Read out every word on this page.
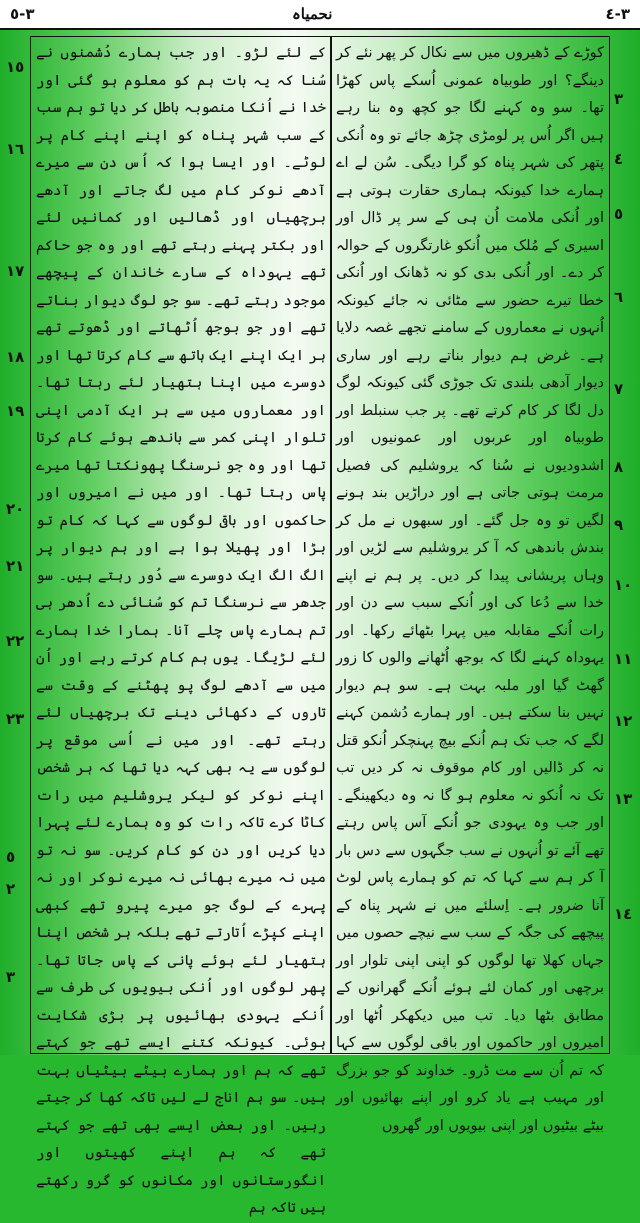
٣-٥	نحمیاہ	٣-٤

کے لئے لڑو۔ اور جب ہمارے دُشمنوں نے سُنا کہ یہ بات ہم کو معلوم ہو گئی اور خدا نے اُنکا منصوبہ باطل کر دیا تو ہم سب کے سب شہر پناہ کو اپنے اپنے کام پر لوٹے۔ اور ایسا ہوا کہ اُس دن سے میرے آدھے نوکر کام میں لگ جاتے اور آدھے برچھیاں اور ڈھالیں اور کمانیں لئے اور بکتر پہنے رہتے تھے اور وہ جو حاکم تھے یہوداہ کے سارے خاندان کے پیچھے موجود رہتے تھے۔ سو جو لوگ دیوار بناتے تھے اور جو بوجھ اُٹھاتے اور ڈھوتے تھے ہر ایک اپنے ایک ہاتھ سے کام کرتا تھا اور دوسرے میں اپنا ہتھیار لئے رہتا تھا۔ اور معماروں میں سے ہر ایک آدمی اپنی تلوار اپنی کمر سے باندھے ہوئے کام کرتا تھا اور وہ جو نرسنگا پھونکتا تھا میرے پاس رہتا تھا۔ اور میں نے امیروں اور حاکموں اور باقی لوگوں سے کہا کہ کام تو بڑا اور پھیلا ہوا ہے اور ہم دیوار پر الگ الگ ایک دوسرے سے دُور رہتے ہیں۔ سو جدھر سے نرسنگا تم کو سُنائی دے اُدھر ہی تم ہمارے پاس چلے آنا۔ ہمارا خدا ہمارے لئے لڑیگا۔ یوں ہم کام کرتے رہے اور اُن میں سے آدھے لوگ پو پھٹنے کے وقت سے تاروں کے دکھائی دینے تک برچھیاں لئے رہتے تھے۔ اور میں نے اُسی موقع پر لوگوں سے یہ بھی کہہ دیا تھا کہ ہر شخص اپنے نوکر کو لیکر یروشلیم میں رات کاٹا کرے تاکہ رات کو وہ ہمارے لئے پہرا دیا کریں اور دن کو کام کریں۔ سو نہ تو میں نہ میرے بھائی نہ میرے نوکر اور نہ پہرے کے لوگ جو میرے پیرو تھے کبھی اپنے کپڑے اُتارتے تھے بلکہ ہر شخص اپنا ہتھیار لئے ہوئے پانی کے پاس جاتا تھا۔ پھر لوگوں اور اُنکی بیویوں کی طرف سے اُنکے یہودی بھائیوں پر بڑی شکایت ہوئی۔ کیونکہ کتنے ایسے تھے جو کہتے تھے کہ ہم اور ہمارے بیٹے بیٹیاں بہت ہیں۔ سو ہم اناج لے لیں تاکہ کھا کر جیتے رہیں۔ اور بعض ایسے بھی تھے جو کہتے تھے کہ ہم اپنے کھیتوں اور انگورستانوں اور مکانوں کو گرو رکھتے ہیں تاکہ ہم

کوڑے کے ڈھیروں میں سے نکال کر پھر نئے کر دینگے؟ اور طوبیاہ عمونی اُسکے پاس کھڑا تھا۔ سو وہ کہنے لگا جو کچھ وہ بنا رہے ہیں اگر اُس پر لومڑی چڑھ جائے تو وہ اُنکی پتھر کی شہر پناہ کو گرا دیگی۔ سُن لے اے ہمارے خدا کیونکہ ہماری حقارت ہوتی ہے اور اُنکی ملامت اُن ہی کے سر پر ڈال اور اسیری کے مُلک میں اُنکو غارتگروں کے حوالہ کر دے۔ اور اُنکی بدی کو نہ ڈھانک اور اُنکی خطا تیرے حضور سے مٹائی نہ جائے کیونکہ اُنہوں نے معماروں کے سامنے تجھے غصہ دلایا ہے۔ غرض ہم دیوار بناتے رہے اور ساری دیوار آدھی بلندی تک جوڑی گئی کیونکہ لوگ دل لگا کر کام کرتے تھے۔ پر جب سنبلط اور طوبیاہ اور عربوں اور عمونیوں اور اشدودیوں نے سُنا کہ یروشلیم کی فصیل مرمت ہوتی جاتی ہے اور دراڑیں بند ہونے لگیں تو وہ جل گئے۔ اور سبھوں نے مل کر بندش باندھی کہ آ کر یروشلیم سے لڑیں اور وہاں پریشانی پیدا کر دیں۔ پر ہم نے اپنے خدا سے دُعا کی اور اُنکے سبب سے دن اور رات اُنکے مقابلہ میں پہرا بٹھائے رکھا۔ اور یہوداہ کہنے لگا کہ بوجھ اُٹھانے والوں کا زور گھٹ گیا اور ملبہ بہت ہے۔ سو ہم دیوار نہیں بنا سکتے ہیں۔ اور ہمارے دُشمن کہنے لگے کہ جب تک ہم اُنکے بیچ پہنچکر اُنکو قتل نہ کر ڈالیں اور کام موقوف نہ کر دیں تب تک نہ اُنکو نہ معلوم ہو گا نہ وہ دیکھینگے۔ اور جب وہ یہودی جو اُنکے آس پاس رہتے تھے آئے تو اُنہوں نے سب جگہوں سے دس بار آ کر ہم سے کہا کہ تم کو ہمارے پاس لوٹ آنا ضرور ہے۔ اِسلئے میں نے شہر پناہ کے پیچھے کی جگہ کے سب سے نیچے حصوں میں جہاں کھلا تھا لوگوں کو اپنی اپنی تلوار اور برچھی اور کمان لئے ہوئے اُنکے گھرانوں کے مطابق بٹھا دیا۔ تب میں دیکھکر اُٹھا اور امیروں اور حاکموں اور باقی لوگوں سے کہا کہ تم اُن سے مت ڈرو۔ خداوند کو جو بزرگ اور مہیب ہے یاد کرو اور اپنے بھائیوں اور بیٹے بیٹیوں اور اپنی بیویوں اور گھروں

١٥
١٦
١٧
١٨
١٩
٢٠
٢١
٢٢
٢٣
٥
٢
٣
٣
٤
٥
٦
٧
٨
٩
١٠
١١
١٢
١٣
١٤
